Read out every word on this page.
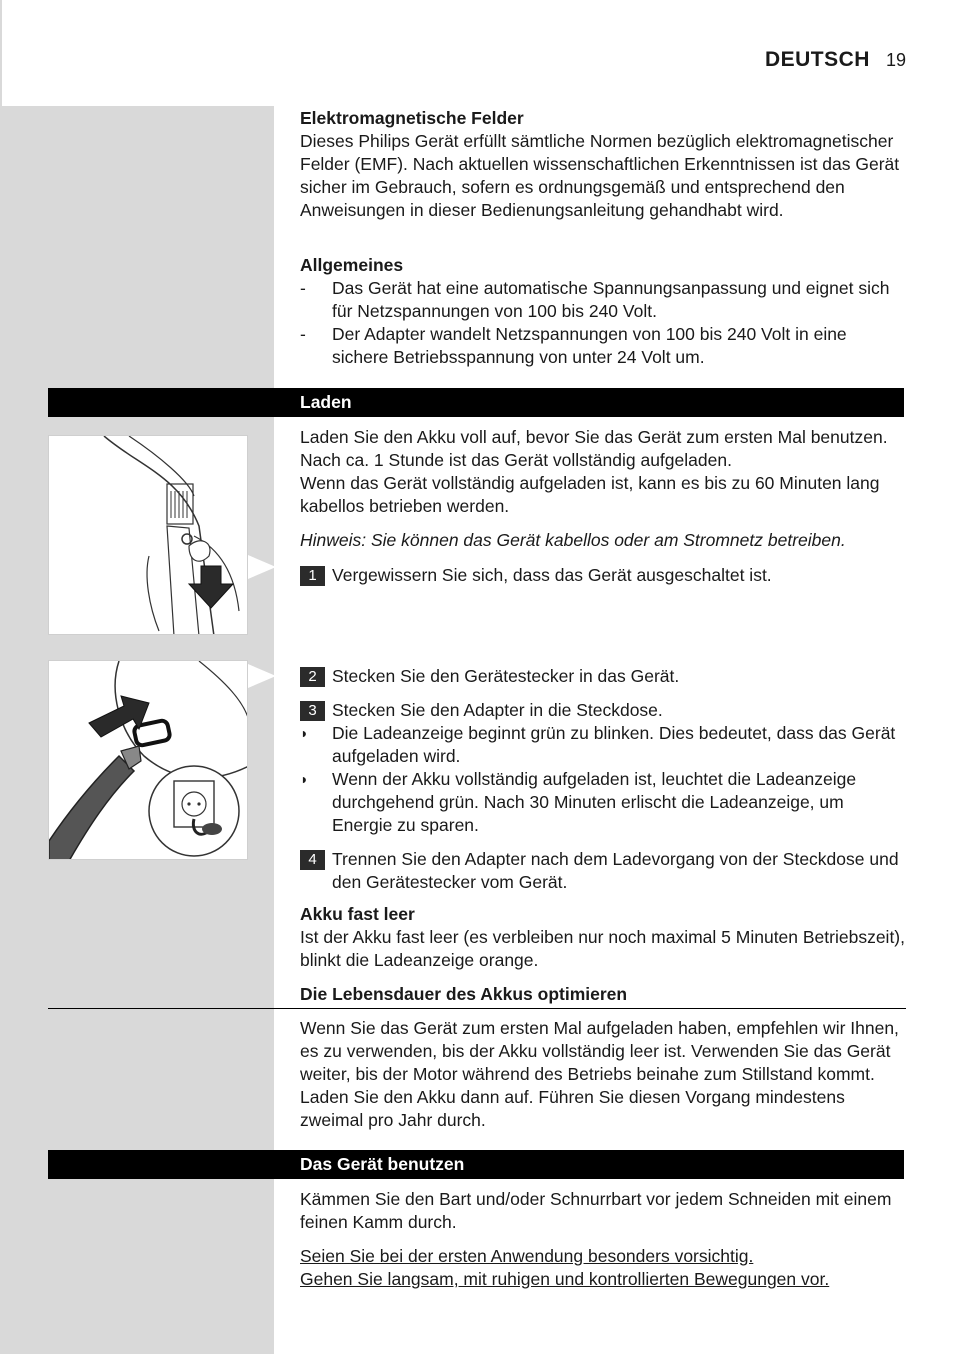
DEUTSCH 19
Elektromagnetische Felder

Dieses Philips Gerät erfüllt sämtliche Normen bezüglich elektromagnetischer Felder (EMF). Nach aktuellen wissenschaftlichen Erkenntnissen ist das Gerät sicher im Gebrauch, sofern es ordnungsgemäß und entsprechend den Anweisungen in dieser Bedienungsanleitung gehandhabt wird.

Allgemeines
-	Das Gerät hat eine automatische Spannungsanpassung und eignet sich für Netzspannungen von 100 bis 240 Volt.
-	Der Adapter wandelt Netzspannungen von 100 bis 240 Volt in eine sichere Betriebsspannung von unter 24 Volt um.
Laden

Laden Sie den Akku voll auf, bevor Sie das Gerät zum ersten Mal benutzen. Nach ca. 1 Stunde ist das Gerät vollständig aufgeladen.

Wenn das Gerät vollständig aufgeladen ist, kann es bis zu 60 Minuten lang kabellos betrieben werden.

Hinweis: Sie können das Gerät kabellos oder am Stromnetz betreiben.

1 Vergewissern Sie sich, dass das Gerät ausgeschaltet ist.
2 Stecken Sie den Gerätestecker in das Gerät.
3 Stecken Sie den Adapter in die Steckdose.
◗	Die Ladeanzeige beginnt grün zu blinken. Dies bedeutet, dass das Gerät aufgeladen wird.
◗	Wenn der Akku vollständig aufgeladen ist, leuchtet die Ladeanzeige durchgehend grün. Nach 30 Minuten erlischt die Ladeanzeige, um Energie zu sparen.
4 Trennen Sie den Adapter nach dem Ladevorgang von der Steckdose und den Gerätestecker vom Gerät.
Akku fast leer

Ist der Akku fast leer (es verbleiben nur noch maximal 5 Minuten Betriebszeit), blinkt die Ladeanzeige orange.

Die Lebensdauer des Akkus optimieren

Wenn Sie das Gerät zum ersten Mal aufgeladen haben, empfehlen wir Ihnen, es zu verwenden, bis der Akku vollständig leer ist. Verwenden Sie das Gerät weiter, bis der Motor während des Betriebs beinahe zum Stillstand kommt. Laden Sie den Akku dann auf. Führen Sie diesen Vorgang mindestens zweimal pro Jahr durch.

Das Gerät benutzen

Kämmen Sie den Bart und/oder Schnurrbart vor jedem Schneiden mit einem feinen Kamm durch.

Seien Sie bei der ersten Anwendung besonders vorsichtig.

Gehen Sie langsam, mit ruhigen und kontrollierten Bewegungen vor.
